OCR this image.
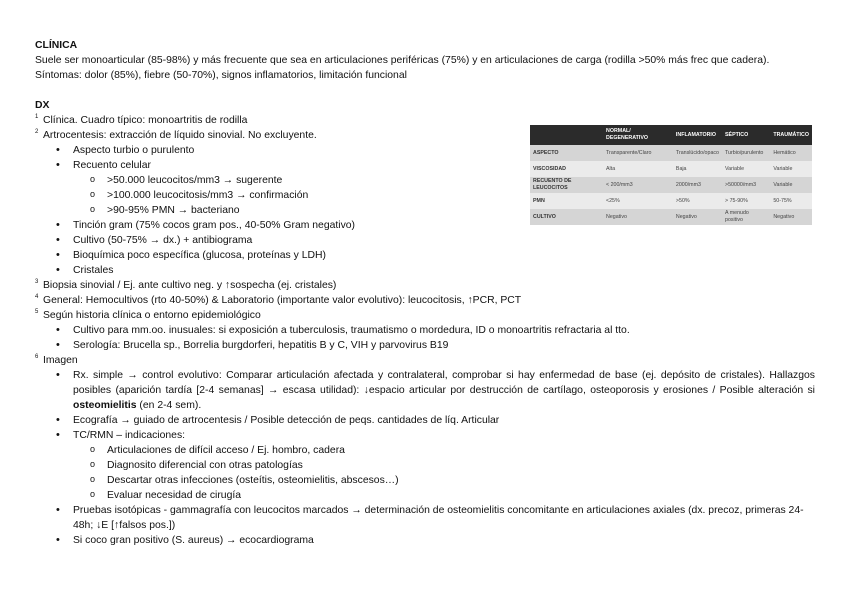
CLÍNICA
Suele ser monoarticular (85-98%) y más frecuente que sea en articulaciones periféricas (75%) y en articulaciones de carga (rodilla >50% más frec que cadera).
Síntomas: dolor (85%), fiebre (50-70%), signos inflamatorios, limitación funcional
DX
$^1$ Clínica. Cuadro típico: monoartritis de rodilla
$^2$ Artrocentesis: extracción de líquido sinovial. No excluyente.
• Aspecto turbio o purulento
• Recuento celular
o >50.000 leucocitos/mm3 → sugerente
o >100.000 leucocitosis/mm3 → confirmación
o >90-95% PMN → bacteriano
• Tinción gram (75% cocos gram pos., 40-50% Gram negativo)
• Cultivo (50-75% → dx.) + antibiograma
• Bioquímica poco específica (glucosa, proteínas y LDH)
• Cristales
$^3$ Biopsia sinovial / Ej. ante cultivo neg. y ↑sospecha (ej. cristales)
$^4$ General: Hemocultivos (rto 40-50%) & Laboratorio (importante valor evolutivo): leucocitosis, ↑PCR, PCT
$^5$ Según historia clínica o entorno epidemiológico
• Cultivo para mm.oo. inusuales: si exposición a tuberculosis, traumatismo o mordedura, ID o monoartritis refractaria al tto.
• Serología: Brucella sp., Borrelia burgdorferi, hepatitis B y C, VIH y parvovirus B19
$^6$ Imagen
• Rx. simple → control evolutivo: Comparar articulación afectada y contralateral, comprobar si hay enfermedad de base (ej. depósito de cristales). Hallazgos posibles (aparición tardía [2-4 semanas] → escasa utilidad): ↓espacio articular por destrucción de cartílago, osteoporosis y erosiones / Posible alteración si osteomielitis (en 2-4 sem).
• Ecografía → guiado de artrocentesis / Posible detección de peqs. cantidades de líq. Articular
• TC/RMN – indicaciones:
o Articulaciones de difícil acceso / Ej. hombro, cadera
o Diagnosito diferencial con otras patologías
o Descartar otras infecciones (osteítis, osteomielitis, abscesos…)
o Evaluar necesidad de cirugía
• Pruebas isotópicas - gammagrafía con leucocitos marcados → determinación de osteomielitis concomitante en articulaciones axiales (dx. precoz, primeras 24-48h; ↓E [↑falsos pos.])
• Si coco gran positivo (S. aureus) → ecocardiograma
	NORMAL/ DEGENERATIVO	INFLAMATORIO	SÉPTICO	TRAUMÁTICO
ASPECTO	Transparente/Claro	Translúcido/opaco	Turbio/purulento	Hemático
VISCOSIDAD	Alta	Baja	Variable	Variable
RECUENTO DE LEUCOCITOS	< 200/mm3	2000/mm3	>50000/mm3	Variable
PMN	<25%	>50%	> 75-90%	50-75%
CULTIVO	Negativo	Negativo	A menudo positivo	Negativo
